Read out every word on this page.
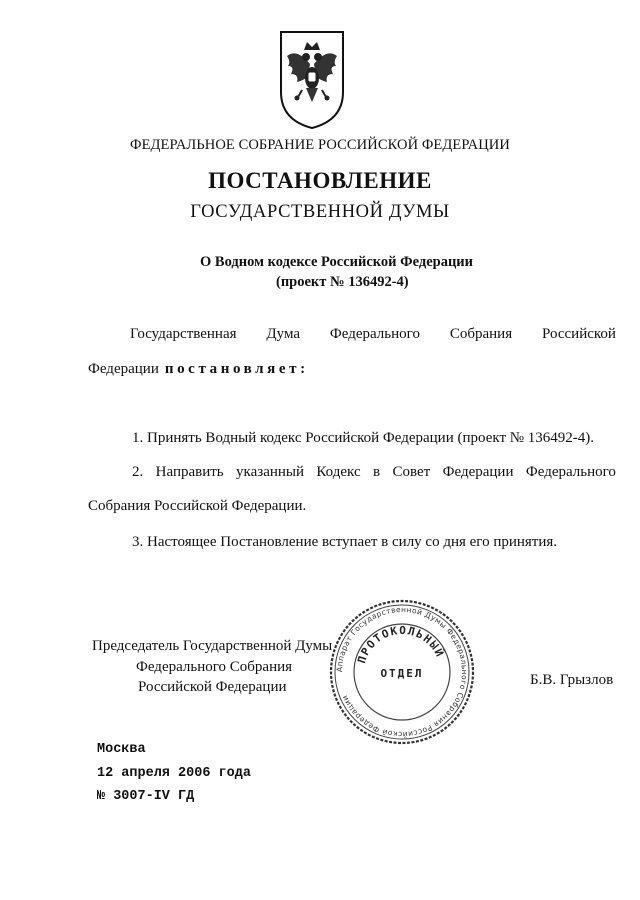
ФЕДЕРАЛЬНОЕ СОБРАНИЕ РОССИЙСКОЙ ФЕДЕРАЦИИ
ПОСТАНОВЛЕНИЕ
ГОСУДАРСТВЕННОЙ ДУМЫ
О Водном кодексе Российской Федерации
(проект № 136492-4)
Государственная Дума Федерального Собрания Российской
Федерации постановляет:
1. Принять Водный кодекс Российской Федерации (проект № 136492-4).
2. Направить указанный Кодекс в Совет Федерации Федерального
Собрания Российской Федерации.
3. Настоящее Постановление вступает в силу со дня его принятия.
Аппарат Государственной Думы Федерального Собрания Российской Федерации
ПРОТОКОЛЬНЫЙ
ОТДЕЛ
Председатель Государственной Думы
Федерального Собрания
Российской Федерации	Б.В. Грызлов
Москва
12 апреля 2006 года
№ 3007-IV ГД
